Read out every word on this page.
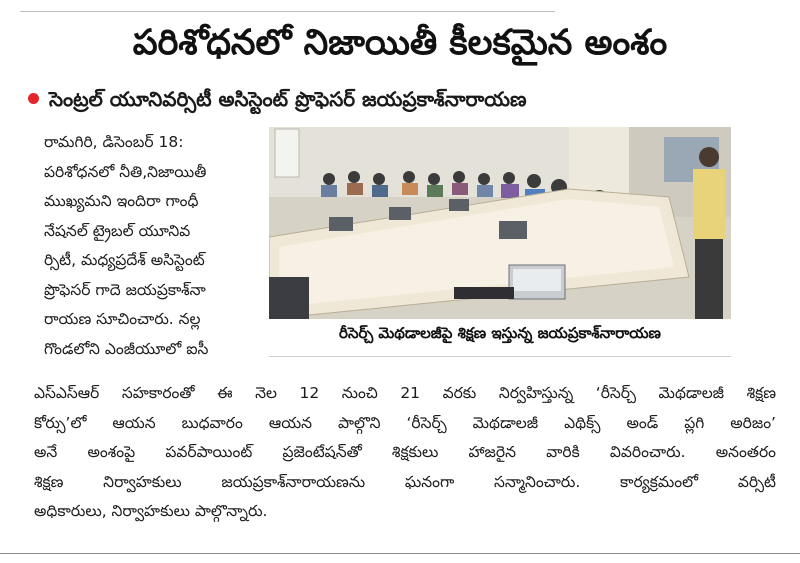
పరిశోధనలో నిజాయితీ కీలకమైన అంశం
సెంట్రల్ యూనివర్సిటీ అసిస్టెంట్ ప్రొఫెసర్ జయప్రకాశ్‌నారాయణ
రామగిరి, డిసెంబర్ 18:
పరిశోధనలో నీతి,నిజాయితీ
ముఖ్యమని ఇందిరా గాంధీ
నేషనల్ ట్రైబల్ యూనివ
ర్సిటీ, మధ్యప్రదేశ్ అసిస్టెంట్
ప్రొఫెసర్ గాదె జయప్రకాశ్‌నా
రాయణ సూచించారు. నల్ల
గొండలోని ఎంజీయూలో ఐసీ
రీసెర్చ్ మెథడాలజీపై శిక్షణ ఇస్తున్న జయప్రకాశ్‌నారాయణ
ఎస్ఎస్ఆర్ సహకారంతో ఈ నెల 12 నుంచి 21 వరకు నిర్వహిస్తున్న ‘రీసెర్చ్ మెథడాలజీ శిక్షణ
కోర్సు’లో ఆయన బుధవారం ఆయన పాల్గొని ‘రీసెర్చ్ మెథడాలజీ ఎథిక్స్ అండ్ ప్లగి అరిజం’
అనే అంశంపై పవర్‌పాయింట్ ప్రజెంటేషన్‌తో శిక్షకులు హాజరైన వారికి వివరించారు. అనంతరం
శిక్షణ నిర్వాహకులు జయప్రకాశ్‌నారాయణను ఘనంగా సన్మానించారు. కార్యక్రమంలో వర్సిటీ
అధికారులు, నిర్వాహకులు పాల్గొన్నారు.
